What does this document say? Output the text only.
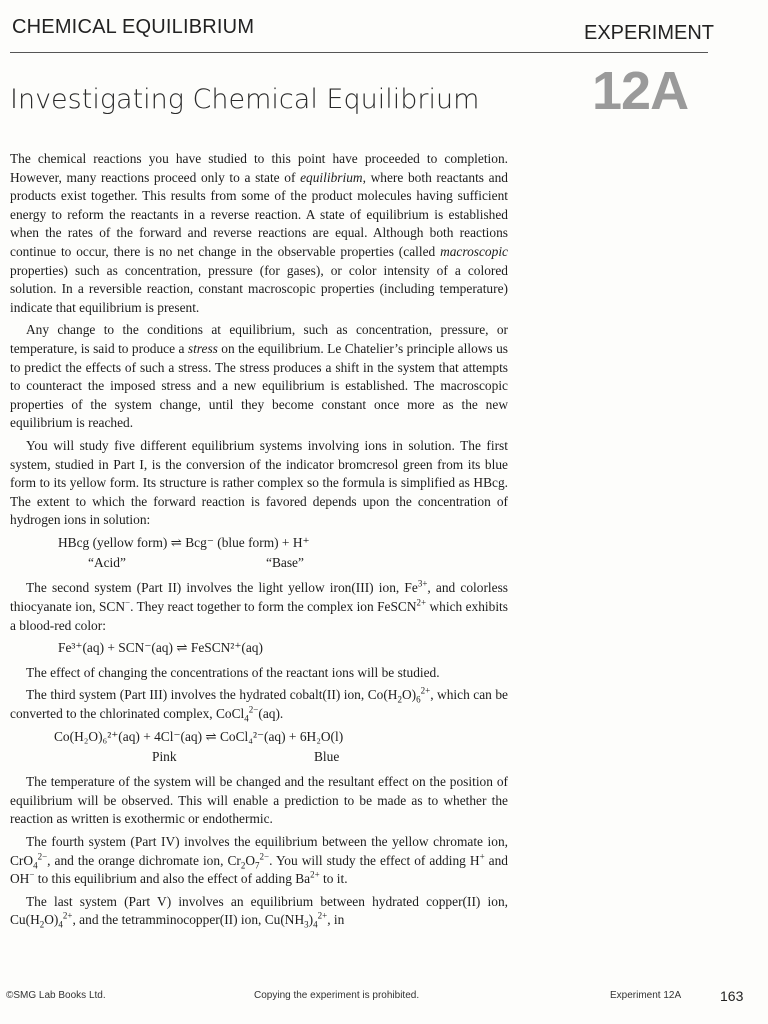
CHEMICAL EQUILIBRIUM	EXPERIMENT
Investigating Chemical Equilibrium 12A

The chemical reactions you have studied to this point have proceeded to completion. However, many reactions proceed only to a state of equilibrium, where both reactants and products exist together. This results from some of the product molecules having sufficient energy to reform the reactants in a reverse reaction. A state of equilibrium is established when the rates of the forward and reverse reactions are equal. Although both reactions continue to occur, there is no net change in the observable properties (called macroscopic properties) such as concentration, pressure (for gases), or color intensity of a colored solution. In a reversible reaction, constant macroscopic properties (including temperature) indicate that equilibrium is present.

Any change to the conditions at equilibrium, such as concentration, pressure, or temperature, is said to produce a stress on the equilibrium. Le Chatelier’s principle allows us to predict the effects of such a stress. The stress produces a shift in the system that attempts to counteract the imposed stress and a new equilibrium is established. The macroscopic properties of the system change, until they become constant once more as the new equilibrium is reached.

You will study five different equilibrium systems involving ions in solution. The first system, studied in Part I, is the conversion of the indicator bromcresol green from its blue form to its yellow form. Its structure is rather complex so the formula is simplified as HBcg. The extent to which the forward reaction is favored depends upon the concentration of hydrogen ions in solution:

HBcg (yellow form) ⇌ Bcg⁻ (blue form) + H⁺
“Acid”	“Base”

The second system (Part II) involves the light yellow iron(III) ion, $Fe^{3+}$, and colorless thiocyanate ion, SCN−. They react together to form the complex ion FeSCN$^{2+}$ which exhibits a blood-red color:

Fe³⁺(aq) + SCN⁻(aq) ⇌ FeSCN²⁺(aq)

The effect of changing the concentrations of the reactant ions will be studied.

The third system (Part III) involves the hydrated cobalt(II) ion, $Co(H_2O)_6^{2+}$, which can be converted to the chlorinated complex, CoCl$_4^{2-}$(aq).

Co(H₂O)₆²⁺(aq) + 4Cl⁻(aq) ⇌ CoCl₄²⁻(aq) + 6H₂O(l)
Pink	Blue

The temperature of the system will be changed and the resultant effect on the position of equilibrium will be observed. This will enable a prediction to be made as to whether the reaction as written is exothermic or endothermic.

The fourth system (Part IV) involves the equilibrium between the yellow chromate ion, CrO$_4^{2-}$, and the orange dichromate ion, $Cr_2O_7^{2-}$. You will study the effect of adding H+ and OH− to this equilibrium and also the effect of adding $Ba^{2+}$ to it.

The last system (Part V) involves an equilibrium between hydrated copper(II) ion, $Cu(H_2O)_4^{2+}$, and the tetramminocopper(II) ion, $Cu(NH_3)_4^{2+}$, in

©SMG Lab Books Ltd.	Copying the experiment is prohibited.	Experiment 12A	163
